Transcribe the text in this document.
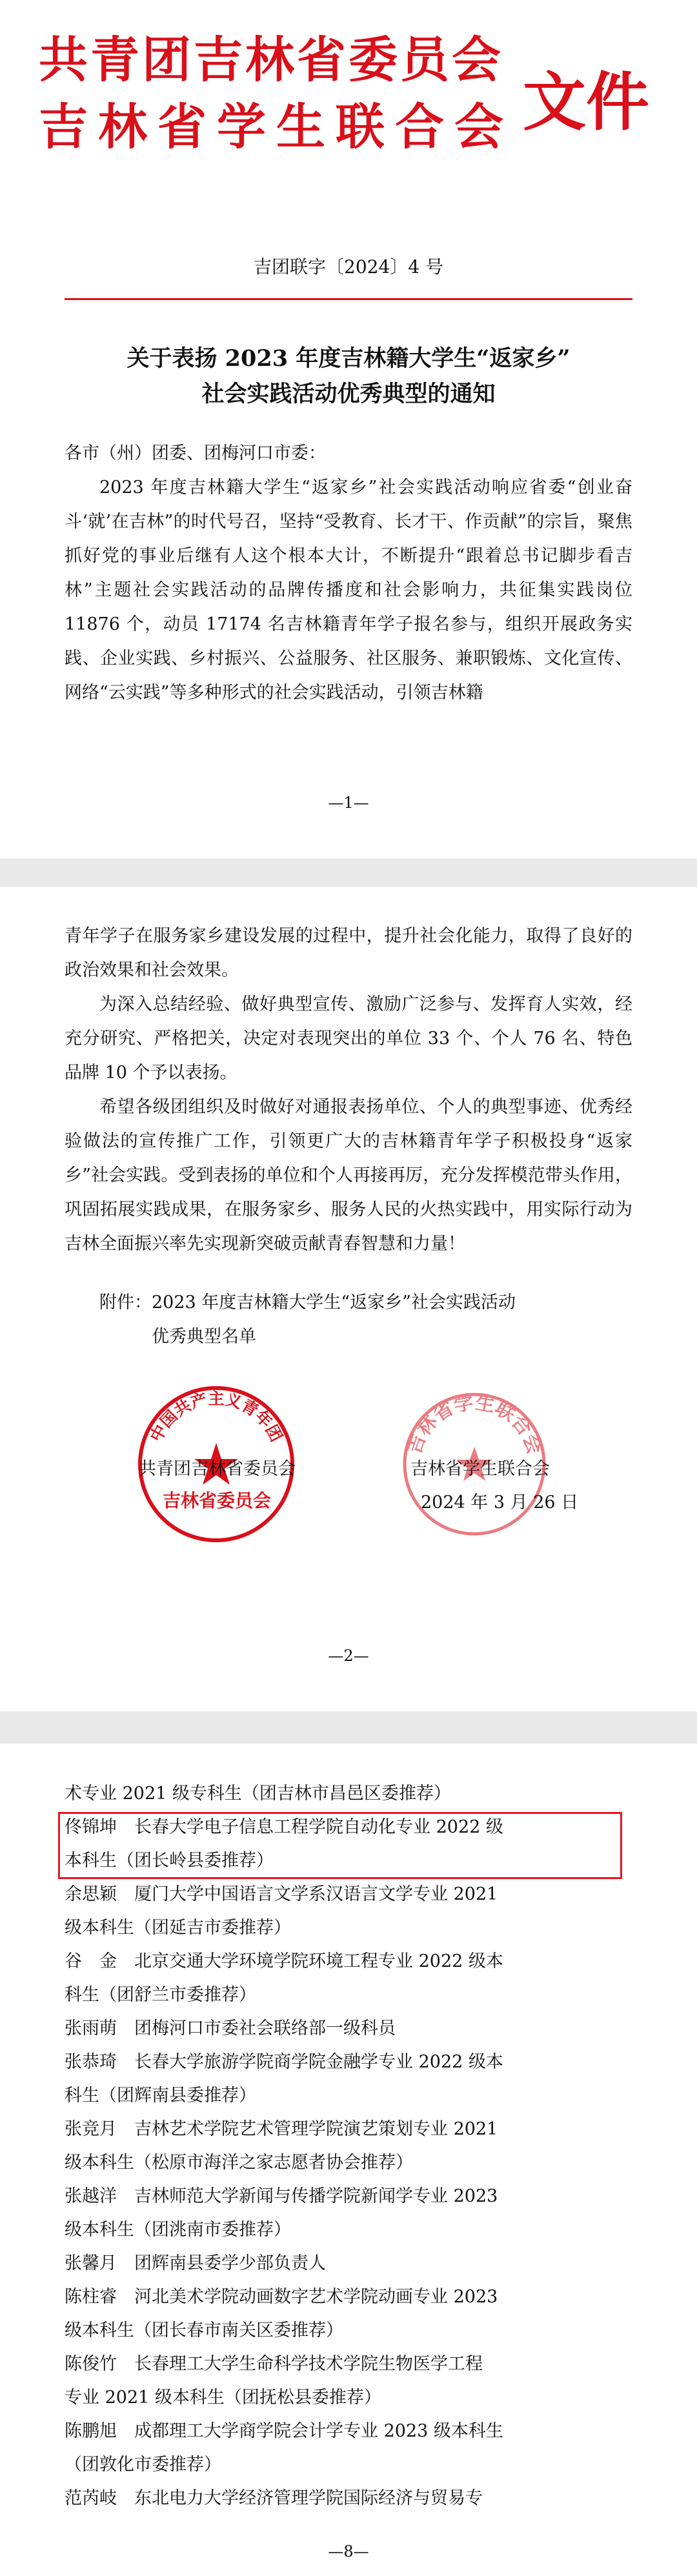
共青团吉林省委员会
吉林省学生联合会 文件
吉团联字〔2024〕4 号
关于表扬 2023 年度吉林籍大学生“返家乡”
社会实践活动优秀典型的通知

各市（州）团委、团梅河口市委：

2023 年度吉林籍大学生“返家乡”社会实践活动响应省委“创业奋斗‘就’在吉林”的时代号召，坚持“受教育、长才干、作贡献”的宗旨，聚焦抓好党的事业后继有人这个根本大计，不断提升“跟着总书记脚步看吉林”主题社会实践活动的品牌传播度和社会影响力，共征集实践岗位 11876 个，动员 17174 名吉林籍青年学子报名参与，组织开展政务实践、企业实践、乡村振兴、公益服务、社区服务、兼职锻炼、文化宣传、网络“云实践”等多种形式的社会实践活动，引领吉林籍

—1—

青年学子在服务家乡建设发展的过程中，提升社会化能力，取得了良好的政治效果和社会效果。

为深入总结经验、做好典型宣传、激励广泛参与、发挥育人实效，经充分研究、严格把关，决定对表现突出的单位 33 个、个人 76 名、特色品牌 10 个予以表扬。

希望各级团组织及时做好对通报表扬单位、个人的典型事迹、优秀经验做法的宣传推广工作，引领更广大的吉林籍青年学子积极投身“返家乡”社会实践。受到表扬的单位和个人再接再厉，充分发挥模范带头作用，巩固拓展实践成果，在服务家乡、服务人民的火热实践中，用实际行动为吉林全面振兴率先实现新突破贡献青春智慧和力量！

附件：2023 年度吉林籍大学生“返家乡”社会实践活动

优秀典型名单

中国共产主义青年团	吉林省学生联合会
共青团吉林省委员会
吉林省委员会
吉林省学生联合会
2024 年 3 月 26 日
—2—

术专业 2021 级专科生（团吉林市昌邑区委推荐）

佟锦坤　长春大学电子信息工程学院自动化专业 2022 级

本科生（团长岭县委推荐）

余思颖　厦门大学中国语言文学系汉语言文学专业 2021

级本科生（团延吉市委推荐）

谷　金　北京交通大学环境学院环境工程专业 2022 级本

科生（团舒兰市委推荐）

张雨萌　团梅河口市委社会联络部一级科员

张恭琦　长春大学旅游学院商学院金融学专业 2022 级本

科生（团辉南县委推荐）

张竞月　吉林艺术学院艺术管理学院演艺策划专业 2021

级本科生（松原市海洋之家志愿者协会推荐）

张越洋　吉林师范大学新闻与传播学院新闻学专业 2023

级本科生（团洮南市委推荐）

张馨月　团辉南县委学少部负责人

陈柱睿　河北美术学院动画数字艺术学院动画专业 2023

级本科生（团长春市南关区委推荐）

陈俊竹　长春理工大学生命科学技术学院生物医学工程

专业 2021 级本科生（团抚松县委推荐）

陈鹏旭　成都理工大学商学院会计学专业 2023 级本科生

（团敦化市委推荐）

范芮岐　东北电力大学经济管理学院国际经济与贸易专

—8—
